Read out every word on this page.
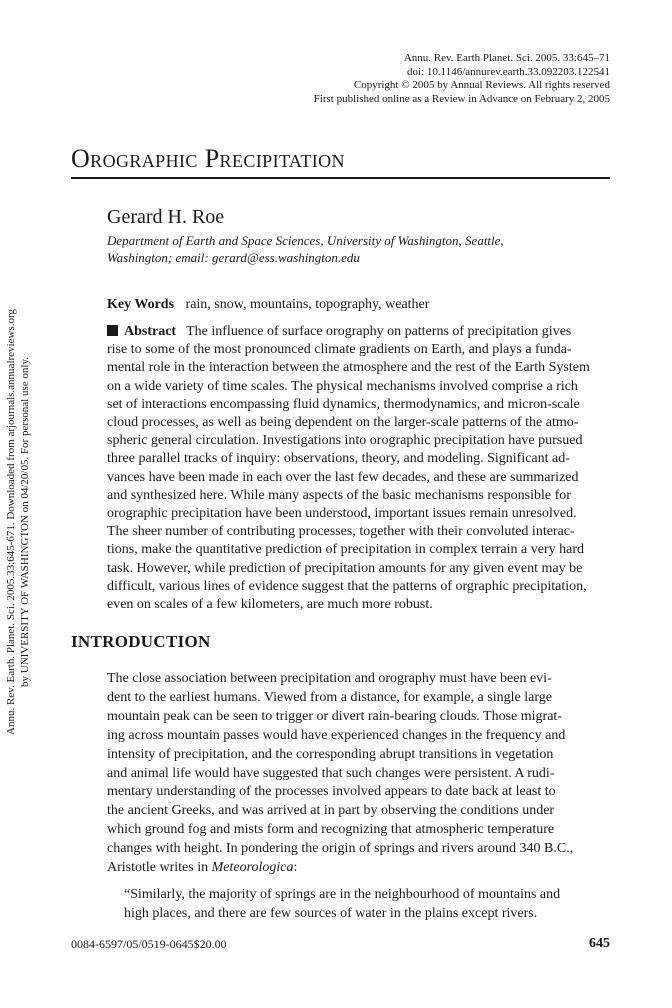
Annu. Rev. Earth. Planet. Sci. 2005.33:645-671. Downloaded from arjournals.annualreviews.org by UNIVERSITY OF WASHINGTON on 04/20/05. For personal use only.
Annu. Rev. Earth Planet. Sci. 2005. 33:645–71
doi: 10.1146/annurev.earth.33.092203.122541
Copyright © 2005 by Annual Reviews. All rights reserved
First published online as a Review in Advance on February 2, 2005
Orographic Precipitation
Gerard H. Roe
Department of Earth and Space Sciences, University of Washington, Seattle,
Washington; email: gerard@ess.washington.edu
Key Words rain, snow, mountains, topography, weather
Abstract The influence of surface orography on patterns of precipitation gives
rise to some of the most pronounced climate gradients on Earth, and plays a funda-
mental role in the interaction between the atmosphere and the rest of the Earth System
on a wide variety of time scales. The physical mechanisms involved comprise a rich
set of interactions encompassing fluid dynamics, thermodynamics, and micron-scale
cloud processes, as well as being dependent on the larger-scale patterns of the atmo-
spheric general circulation. Investigations into orographic precipitation have pursued
three parallel tracks of inquiry: observations, theory, and modeling. Significant ad-
vances have been made in each over the last few decades, and these are summarized
and synthesized here. While many aspects of the basic mechanisms responsible for
orographic precipitation have been understood, important issues remain unresolved.
The sheer number of contributing processes, together with their convoluted interac-
tions, make the quantitative prediction of precipitation in complex terrain a very hard
task. However, while prediction of precipitation amounts for any given event may be
difficult, various lines of evidence suggest that the patterns of orgraphic precipitation,
even on scales of a few kilometers, are much more robust.
INTRODUCTION
The close association between precipitation and orography must have been evi-
dent to the earliest humans. Viewed from a distance, for example, a single large
mountain peak can be seen to trigger or divert rain-bearing clouds. Those migrat-
ing across mountain passes would have experienced changes in the frequency and
intensity of precipitation, and the corresponding abrupt transitions in vegetation
and animal life would have suggested that such changes were persistent. A rudi-
mentary understanding of the processes involved appears to date back at least to
the ancient Greeks, and was arrived at in part by observing the conditions under
which ground fog and mists form and recognizing that atmospheric temperature
changes with height. In pondering the origin of springs and rivers around 340 B.C.,
Aristotle writes in Meteorologica:
“Similarly, the majority of springs are in the neighbourhood of mountains and
high places, and there are few sources of water in the plains except rivers.
0084-6597/05/0519-0645$20.00	645
